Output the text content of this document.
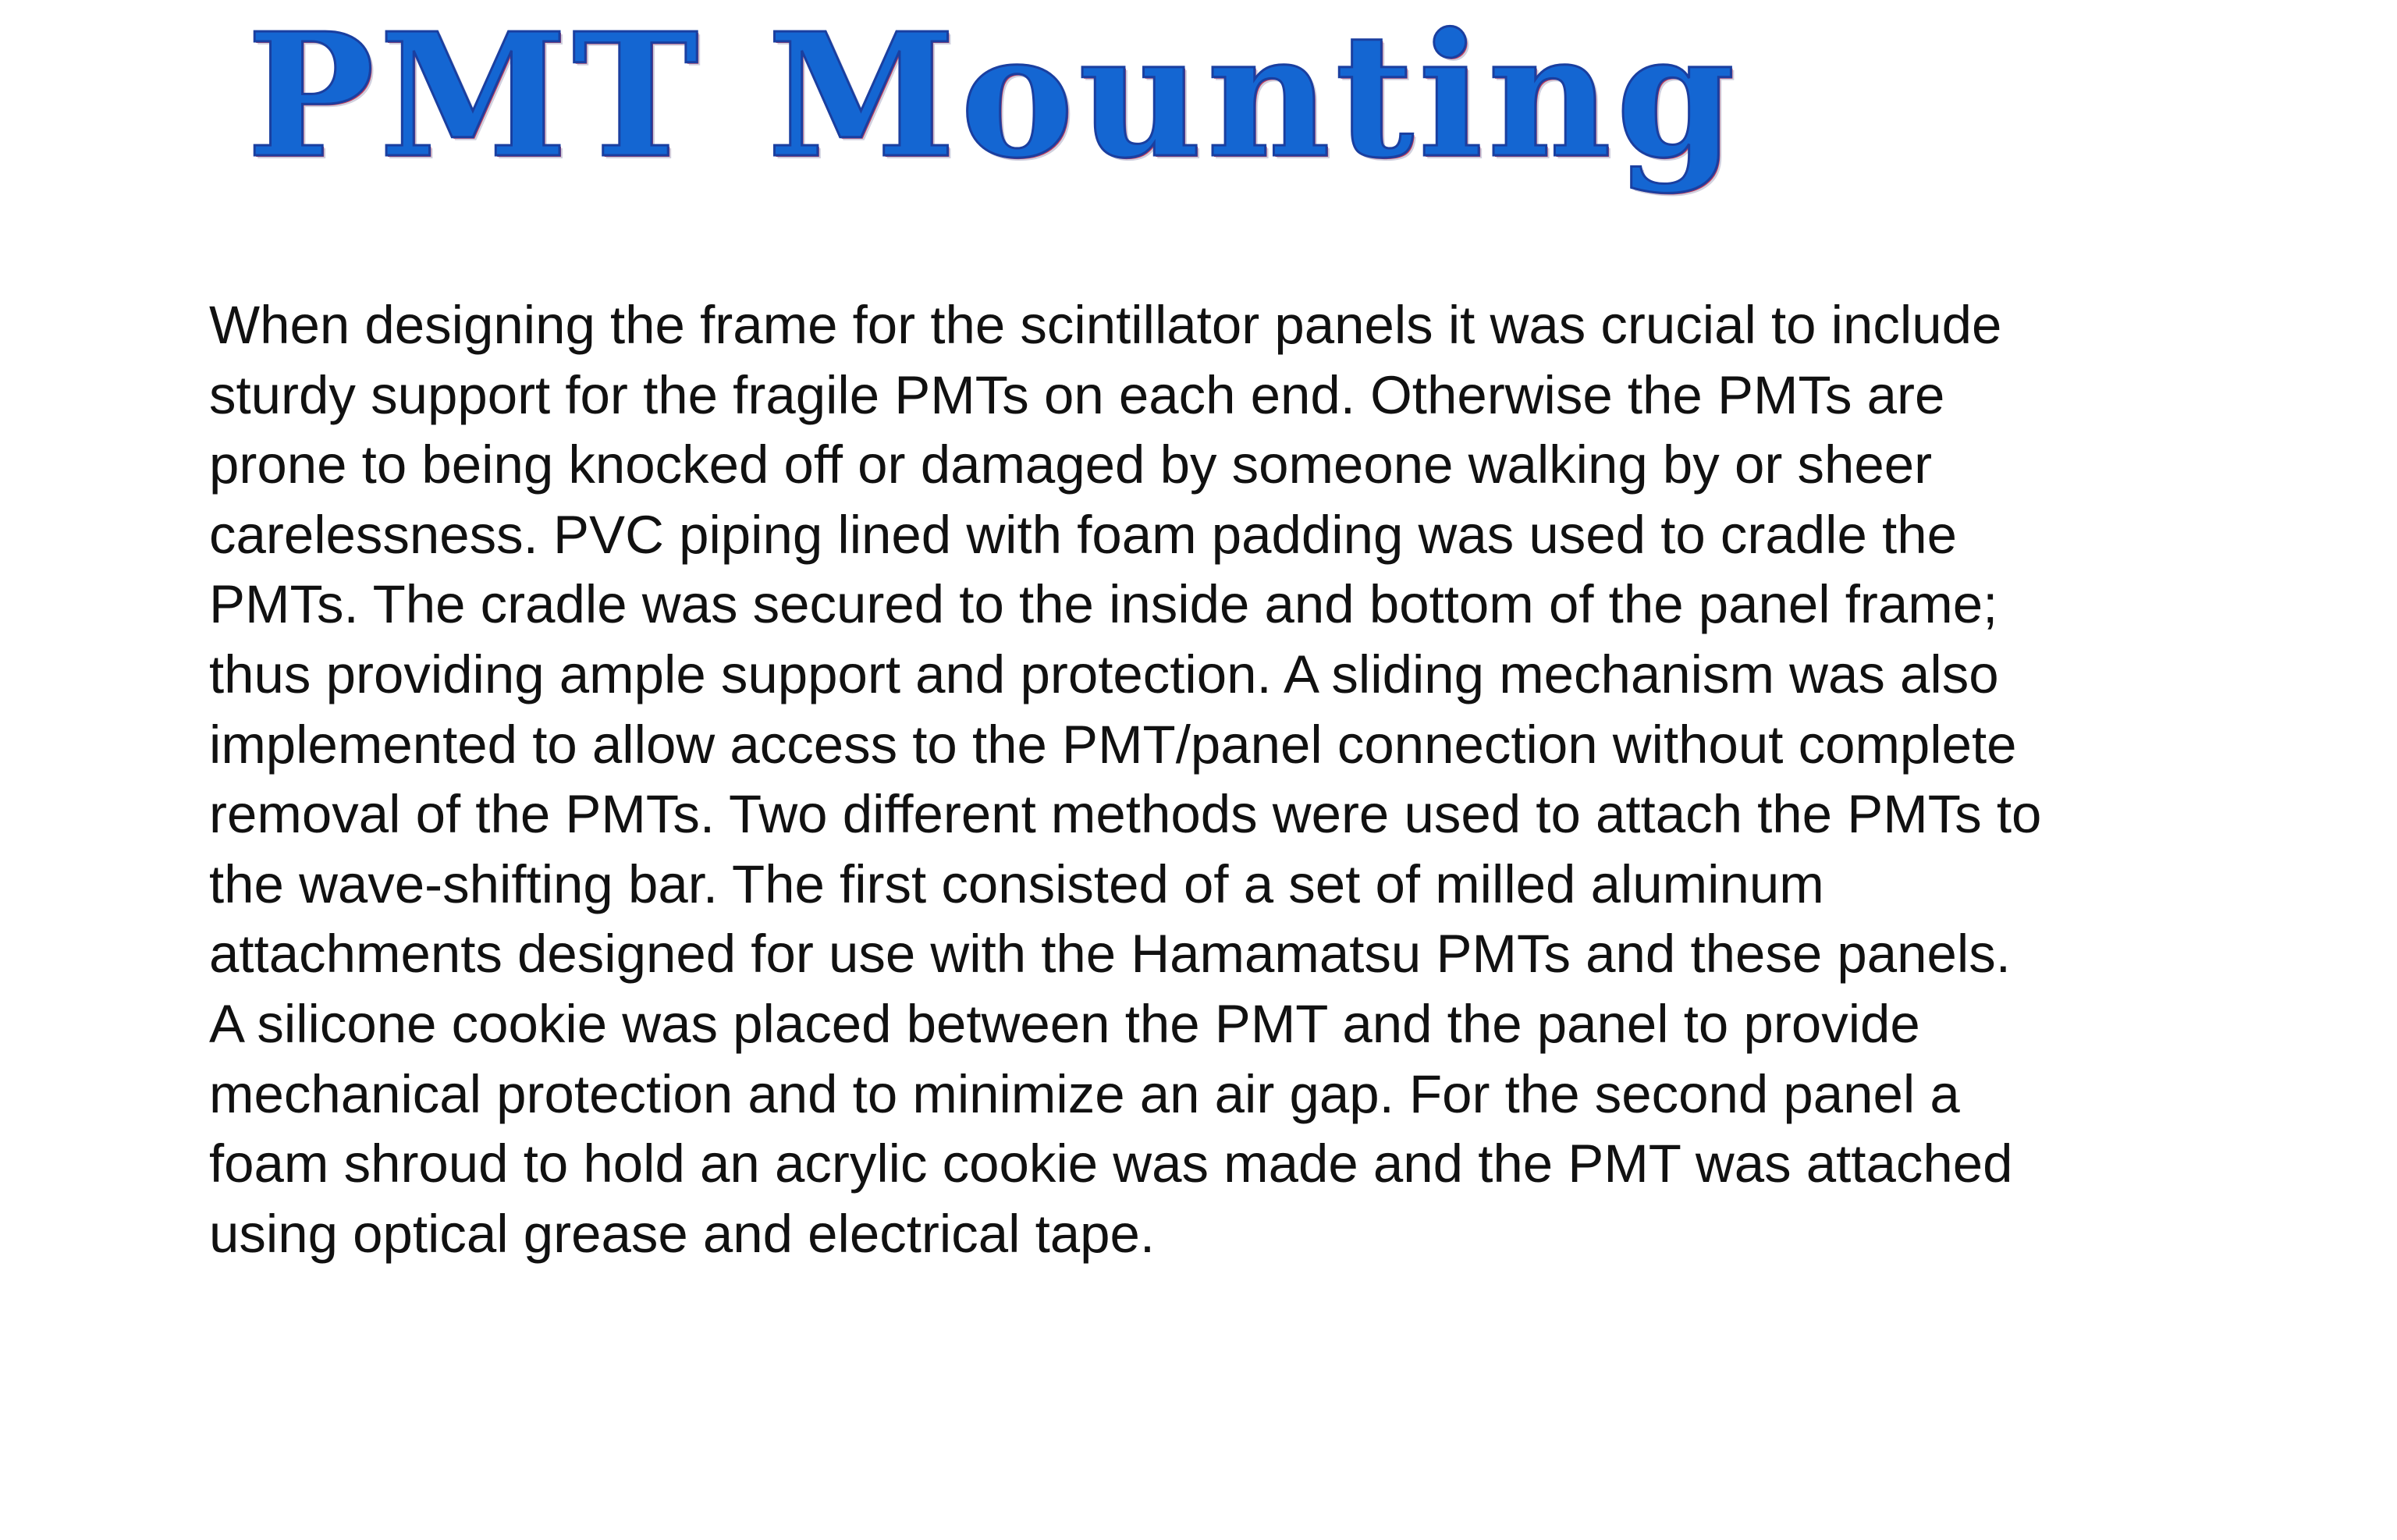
PMT Mounting

When designing the frame for the scintillator panels it was crucial to include
sturdy support for the fragile PMTs on each end. Otherwise the PMTs are
prone to being knocked off or damaged by someone walking by or sheer
carelessness. PVC piping lined with foam padding was used to cradle the
PMTs. The cradle was secured to the inside and bottom of the panel frame;
thus providing ample support and protection. A sliding mechanism was also
implemented to allow access to the PMT/panel connection without complete
removal of the PMTs. Two different methods were used to attach the PMTs to
the wave-shifting bar. The first consisted of a set of milled aluminum
attachments designed for use with the Hamamatsu PMTs and these panels.
A silicone cookie was placed between the PMT and the panel to provide
mechanical protection and to minimize an air gap. For the second panel a
foam shroud to hold an acrylic cookie was made and the PMT was attached
using optical grease and electrical tape.
